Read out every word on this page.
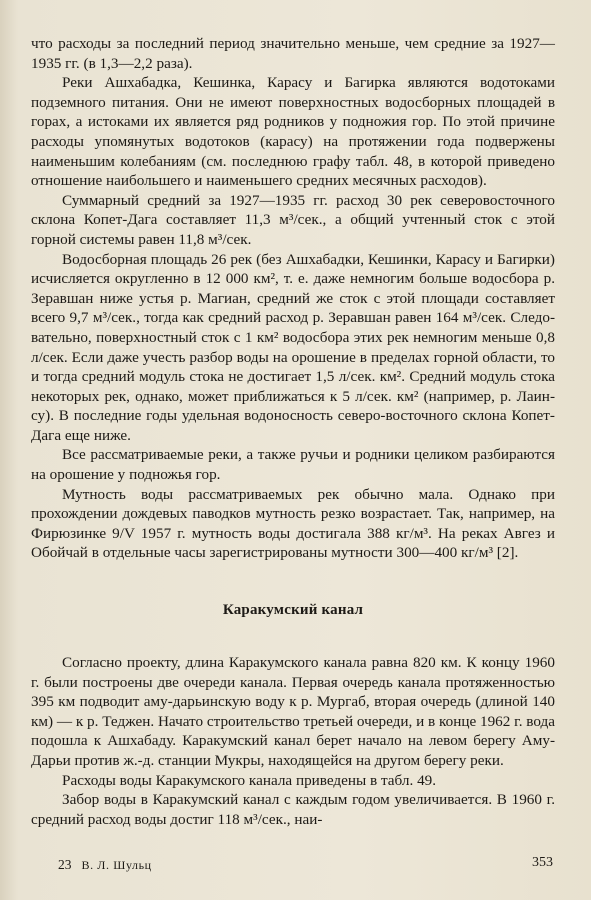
что расходы за последний период значительно меньше, чем средние за 1927—1935 гг. (в 1,3—2,2 раза).

Реки Ашхабадка, Кешинка, Карасу и Багирка являются водотоками подземного питания. Они не имеют поверхностных водосборных площадей в горах, а истоками их является ряд родников у подножия гор. По этой причине расходы упомянутых водотоков (карасу) на протяжении года подвержены наименьшим колебаниям (см. последнюю графу табл. 48, в которой приведено отношение наибольшего и наименьшего средних месячных расходов).

Суммарный средний за 1927—1935 гг. расход 30 рек северовосточного склона Копет-Дага составляет 11,3 м³/сек., а общий учтенный сток с этой горной системы равен 11,8 м³/сек.

Водосборная площадь 26 рек (без Ашхабадки, Кешинки, Карасу и Багирки) исчисляется округленно в 12 000 км², т. е. даже немногим больше водосбора р. Зеравшан ниже устья р. Магиан, средний же сток с этой площади составляет всего 9,7 м³/сек., тогда как средний расход р. Зеравшан равен 164 м³/сек. Следовательно, поверхностный сток с 1 км² водосбора этих рек немногим меньше 0,8 л/сек. Если даже учесть разбор воды на орошение в пределах горной области, то и тогда средний модуль стока не достигает 1,5 л/сек. км². Средний модуль стока некоторых рек, однако, может приближаться к 5 л/сек. км² (например, р. Лаинсу). В последние годы удельная водоносность северо-восточного склона Копет-Дага еще ниже.

Все рассматриваемые реки, а также ручьи и родники целиком разбираются на орошение у подножья гор.

Мутность воды рассматриваемых рек обычно мала. Однако при прохождении дождевых паводков мутность резко возрастает. Так, например, на Фирюзинке 9/V 1957 г. мутность воды достигала 388 кг/м³. На реках Авгез и Обойчай в отдельные часы зарегистрированы мутности 300—400 кг/м³ [2].

Каракумский канал

Согласно проекту, длина Каракумского канала равна 820 км. К концу 1960 г. были построены две очереди канала. Первая очередь канала протяженностью 395 км подводит аму-дарьинскую воду к р. Мургаб, вторая очередь (длиной 140 км) — к р. Теджен. Начато строительство третьей очереди, и в конце 1962 г. вода подошла к Ашхабаду. Каракумский канал берет начало на левом берегу Аму-Дарьи против ж.-д. станции Мукры, находящейся на другом берегу реки.

Расходы воды Каракумского канала приведены в табл. 49.

Забор воды в Каракумский канал с каждым годом увеличивается. В 1960 г. средний расход воды достиг 118 м³/сек., наи-

23 В. Л. Шульц	353
